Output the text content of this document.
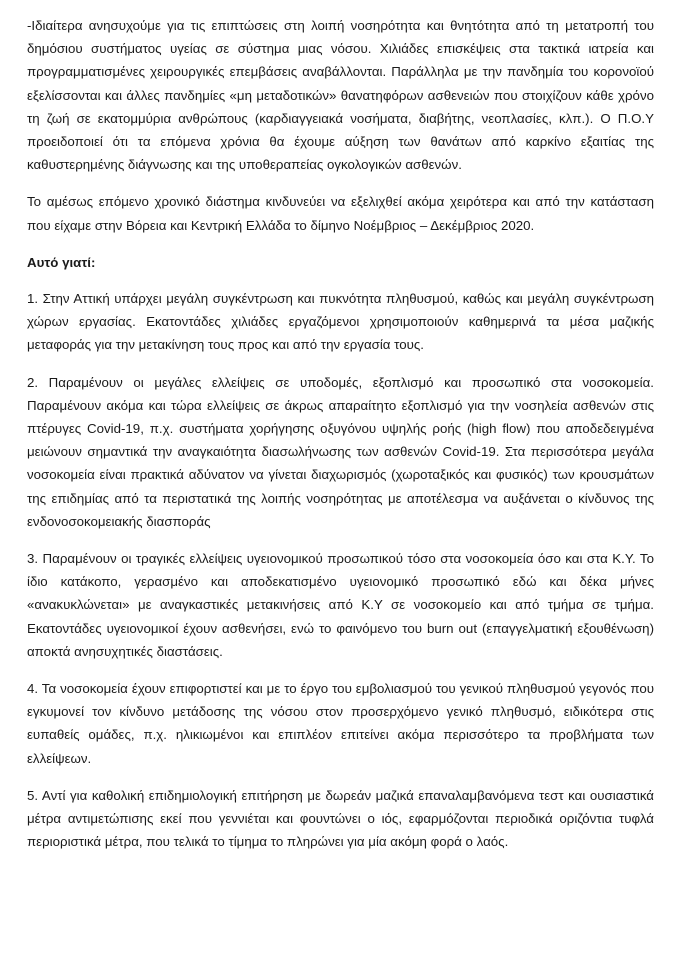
-Ιδιαίτερα ανησυχούμε για τις επιπτώσεις στη λοιπή νοσηρότητα και θνητότητα από τη μετατροπή του δημόσιου συστήματος υγείας σε σύστημα μιας νόσου. Χιλιάδες επισκέψεις στα τακτικά ιατρεία και προγραμματισμένες χειρουργικές επεμβάσεις αναβάλλονται. Παράλληλα με την πανδημία του κορονοϊού εξελίσσονται και άλλες πανδημίες «μη μεταδοτικών» θανατηφόρων ασθενειών που στοιχίζουν κάθε χρόνο τη ζωή σε εκατομμύρια ανθρώπους (καρδιαγγειακά νοσήματα, διαβήτης, νεοπλασίες, κλπ.). Ο Π.Ο.Υ προειδοποιεί ότι τα επόμενα χρόνια θα έχουμε αύξηση των θανάτων από καρκίνο εξαιτίας της καθυστερημένης διάγνωσης και της υποθεραπείας ογκολογικών ασθενών.

Το αμέσως επόμενο χρονικό διάστημα κινδυνεύει να εξελιχθεί ακόμα χειρότερα και από την κατάσταση που είχαμε στην Βόρεια και Κεντρική Ελλάδα το δίμηνο Νοέμβριος – Δεκέμβριος 2020.

Αυτό γιατί:

1. Στην Αττική υπάρχει μεγάλη συγκέντρωση και πυκνότητα πληθυσμού, καθώς και μεγάλη συγκέντρωση χώρων εργασίας. Εκατοντάδες χιλιάδες εργαζόμενοι χρησιμοποιούν καθημερινά τα μέσα μαζικής μεταφοράς για την μετακίνηση τους προς και από την εργασία τους.

2. Παραμένουν οι μεγάλες ελλείψεις σε υποδομές, εξοπλισμό και προσωπικό στα νοσοκομεία. Παραμένουν ακόμα και τώρα ελλείψεις σε άκρως απαραίτητο εξοπλισμό για την νοσηλεία ασθενών στις πτέρυγες Covid-19, π.χ. συστήματα χορήγησης οξυγόνου υψηλής ροής (high flow) που αποδεδειγμένα μειώνουν σημαντικά την αναγκαιότητα διασωλήνωσης των ασθενών Covid-19. Στα περισσότερα μεγάλα νοσοκομεία είναι πρακτικά αδύνατον να γίνεται διαχωρισμός (χωροταξικός και φυσικός) των κρουσμάτων της επιδημίας από τα περιστατικά της λοιπής νοσηρότητας με αποτέλεσμα να αυξάνεται ο κίνδυνος της ενδονοσοκομειακής διασποράς

3. Παραμένουν οι τραγικές ελλείψεις υγειονομικού προσωπικού τόσο στα νοσοκομεία όσο και στα Κ.Υ. Το ίδιο κατάκοπο, γερασμένο και αποδεκατισμένο υγειονομικό προσωπικό εδώ και δέκα μήνες «ανακυκλώνεται» με αναγκαστικές μετακινήσεις από Κ.Υ σε νοσοκομείο και από τμήμα σε τμήμα. Εκατοντάδες υγειονομικοί έχουν ασθενήσει, ενώ το φαινόμενο του burn out (επαγγελματική εξουθένωση) αποκτά ανησυχητικές διαστάσεις.

4. Τα νοσοκομεία έχουν επιφορτιστεί και με το έργο του εμβολιασμού του γενικού πληθυσμού γεγονός που εγκυμονεί τον κίνδυνο μετάδοσης της νόσου στον προσερχόμενο γενικό πληθυσμό, ειδικότερα στις ευπαθείς ομάδες, π.χ. ηλικιωμένοι και επιπλέον επιτείνει ακόμα περισσότερο τα προβλήματα των ελλείψεων.

5. Αντί για καθολική επιδημιολογική επιτήρηση με δωρεάν μαζικά επαναλαμβανόμενα τεστ και ουσιαστικά μέτρα αντιμετώπισης εκεί που γεννιέται και φουντώνει ο ιός, εφαρμόζονται περιοδικά οριζόντια τυφλά περιοριστικά μέτρα, που τελικά το τίμημα το πληρώνει για μία ακόμη φορά ο λαός.
